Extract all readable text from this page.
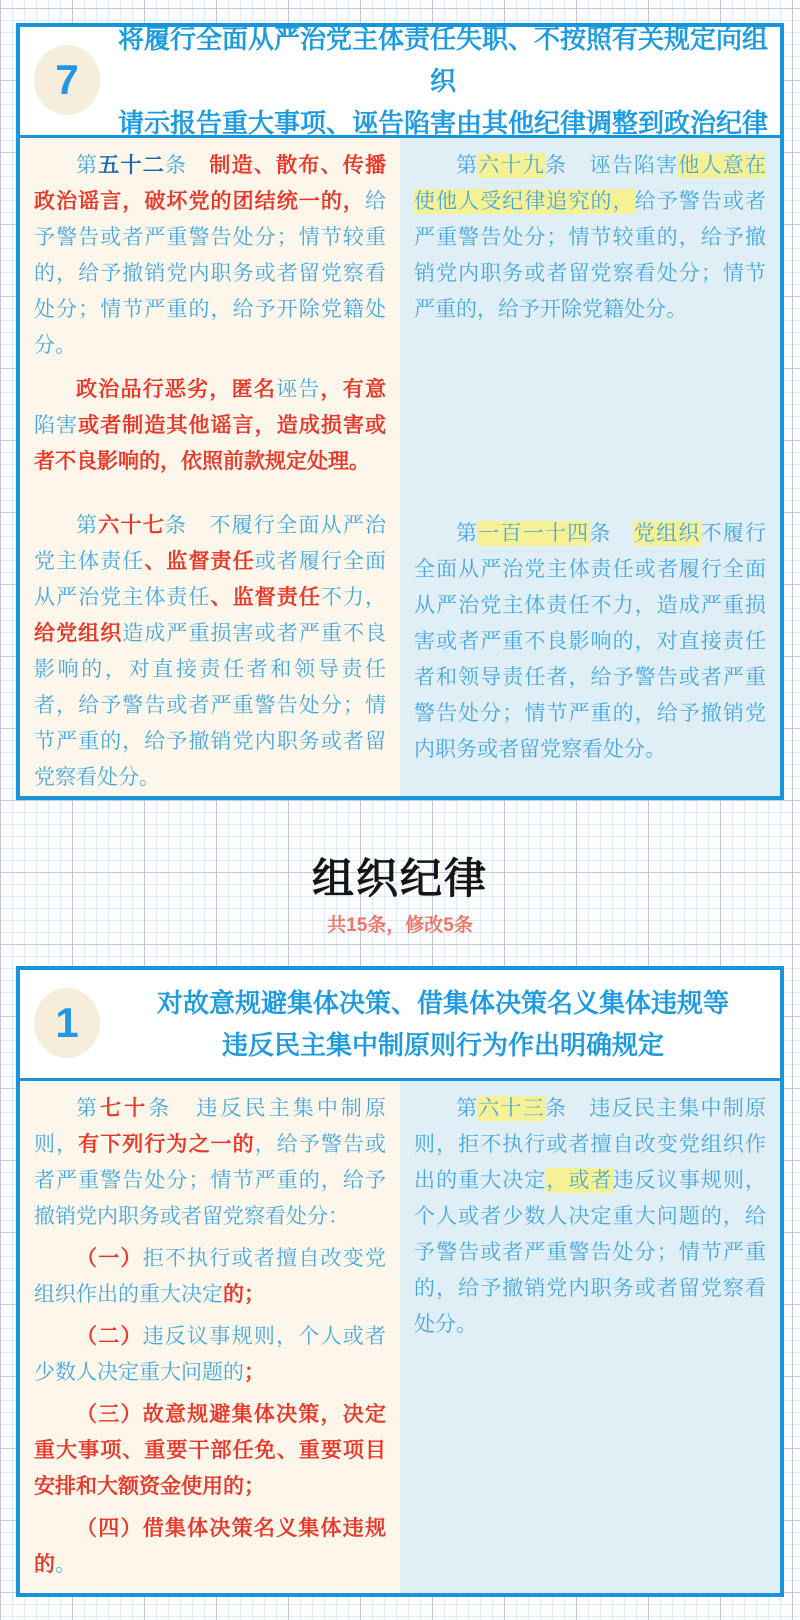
7
将履行全面从严治党主体责任失职、不按照有关规定向组织
请示报告重大事项、诬告陷害由其他纪律调整到政治纪律

第五十二条　制造、散布、传播政治谣言，破坏党的团结统一的，给予警告或者严重警告处分；情节较重的，给予撤销党内职务或者留党察看处分；情节严重的，给予开除党籍处分。

政治品行恶劣，匿名诬告，有意陷害或者制造其他谣言，造成损害或者不良影响的，依照前款规定处理。

第六十七条　不履行全面从严治党主体责任、监督责任或者履行全面从严治党主体责任、监督责任不力，给党组织造成严重损害或者严重不良影响的，对直接责任者和领导责任者，给予警告或者严重警告处分；情节严重的，给予撤销党内职务或者留党察看处分。

第六十九条　诬告陷害他人意在使他人受纪律追究的，给予警告或者严重警告处分；情节较重的，给予撤销党内职务或者留党察看处分；情节严重的，给予开除党籍处分。

第一百一十四条　党组织不履行全面从严治党主体责任或者履行全面从严治党主体责任不力，造成严重损害或者严重不良影响的，对直接责任者和领导责任者，给予警告或者严重警告处分；情节严重的，给予撤销党内职务或者留党察看处分。

组织纪律
共15条，修改5条
1	对故意规避集体决策、借集体决策名义集体违规等
违反民主集中制原则行为作出明确规定

第七十条　违反民主集中制原则，有下列行为之一的，给予警告或者严重警告处分；情节严重的，给予撤销党内职务或者留党察看处分：

（一）拒不执行或者擅自改变党组织作出的重大决定的；

（二）违反议事规则，个人或者少数人决定重大问题的；

（三）故意规避集体决策，决定重大事项、重要干部任免、重要项目安排和大额资金使用的；

（四）借集体决策名义集体违规的。

第六十三条　违反民主集中制原则，拒不执行或者擅自改变党组织作出的重大决定，或者违反议事规则，个人或者少数人决定重大问题的，给予警告或者严重警告处分；情节严重的，给予撤销党内职务或者留党察看处分。
